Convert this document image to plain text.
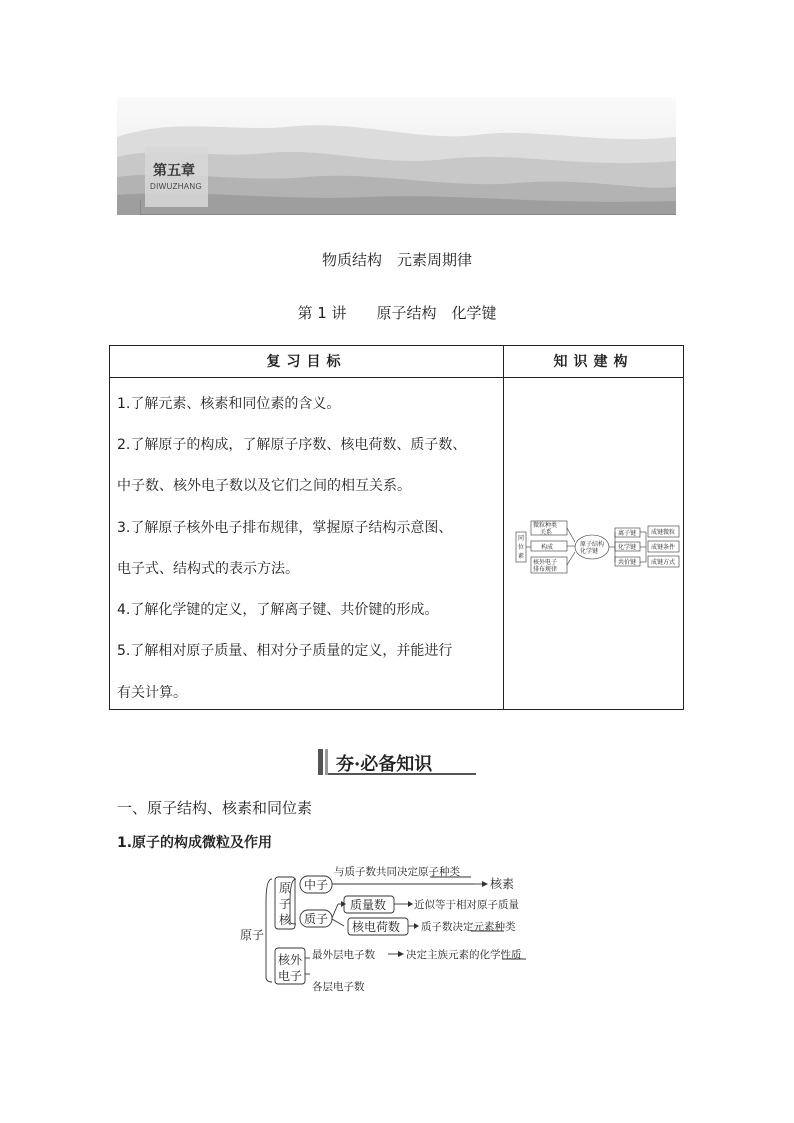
第五章
DIWUZHANG
物质结构　元素周期律
第 1 讲　　原子结构　化学键
复习目标	知识建构
1.了解元素、核素和同位素的含义。
2.了解原子的构成，了解原子序数、核电荷数、质子数、
中子数、核外电子数以及它们之间的相互关系。
3.了解原子核外电子排布规律，掌握原子结构示意图、
电子式、结构式的表示方法。
4.了解化学键的定义，了解离子键、共价键的形成。
5.了解相对原子质量、相对分子质量的定义，并能进行
有关计算。
同
位
素
微粒种类
关系
构成
核外电子
排布规律
原子结构
化学键
离子键
化学键
共价键
成键微粒
成键条件
成键方式
夯·必备知识
一、原子结构、核素和同位素
1.原子的构成微粒及作用
原子
原
子
核
中子
质子
质量数
核电荷数
核外
电子
与质子数共同决定原子种类
核素
近似等于相对原子质量
质子数决定元素种类
最外层电子数	决定主族元素的化学性质
各层电子数
